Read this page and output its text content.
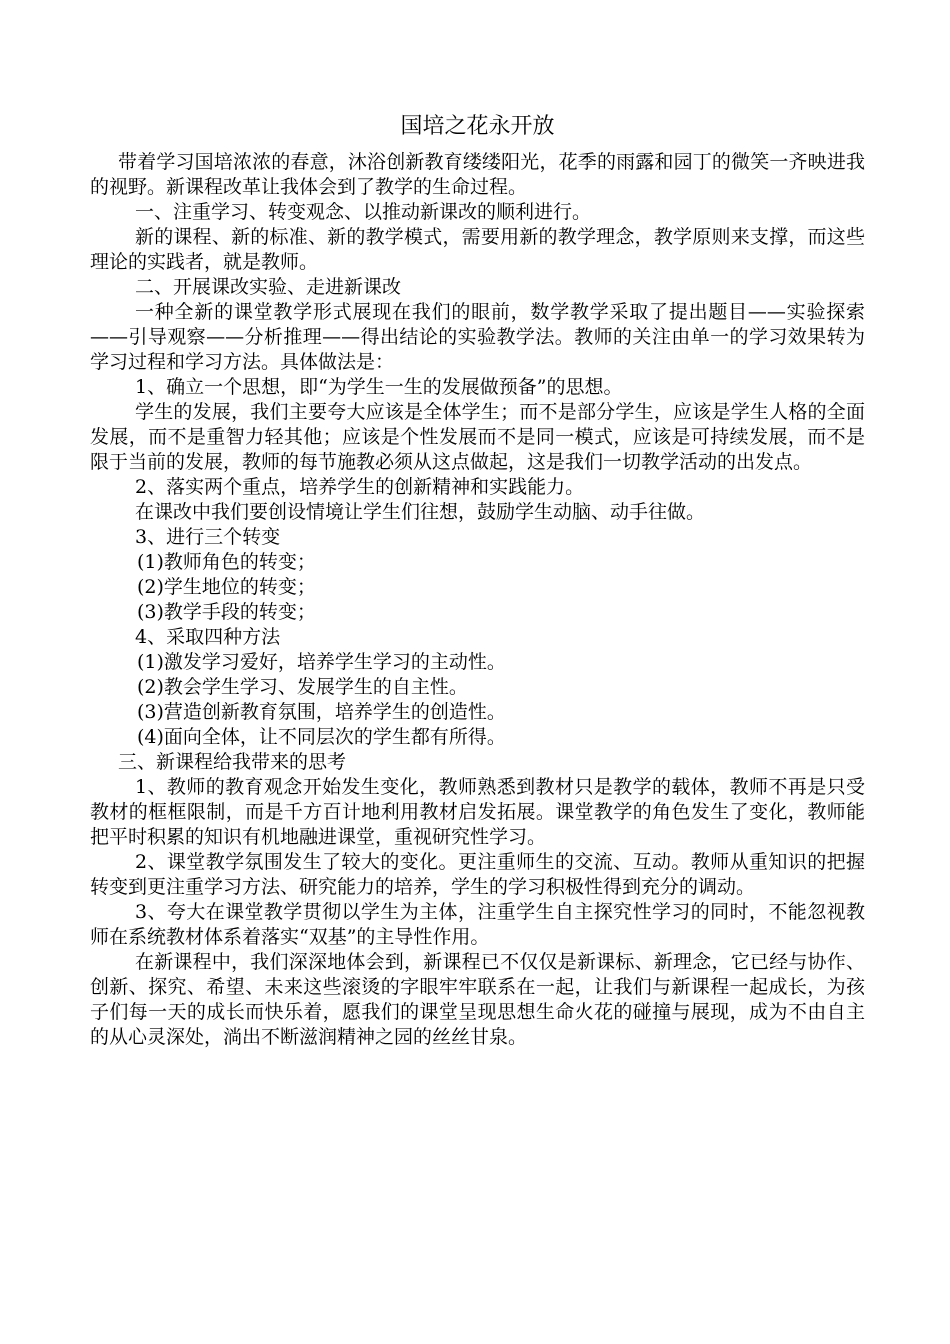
国培之花永开放

带着学习国培浓浓的春意，沐浴创新教育缕缕阳光，花季的雨露和园丁的微笑一齐映进我的视野。新课程改革让我体会到了教学的生命过程。

一、注重学习、转变观念、以推动新课改的顺利进行。

新的课程、新的标准、新的教学模式，需要用新的教学理念，教学原则来支撑，而这些理论的实践者，就是教师。

二、开展课改实验、走进新课改

一种全新的课堂教学形式展现在我们的眼前，数学教学采取了提出题目——实验探索——引导观察——分析推理——得出结论的实验教学法。教师的关注由单一的学习效果转为学习过程和学习方法。具体做法是：

1、确立一个思想，即“为学生一生的发展做预备”的思想。

学生的发展，我们主要夸大应该是全体学生；而不是部分学生，应该是学生人格的全面发展，而不是重智力轻其他；应该是个性发展而不是同一模式，应该是可持续发展，而不是限于当前的发展，教师的每节施教必须从这点做起，这是我们一切教学活动的出发点。

2、落实两个重点，培养学生的创新精神和实践能力。

在课改中我们要创设情境让学生们往想，鼓励学生动脑、动手往做。

3、进行三个转变

(1)教师角色的转变；

(2)学生地位的转变；

(3)教学手段的转变；

4、采取四种方法

(1)激发学习爱好，培养学生学习的主动性。

(2)教会学生学习、发展学生的自主性。

(3)营造创新教育氛围，培养学生的创造性。

(4)面向全体，让不同层次的学生都有所得。

三、新课程给我带来的思考

1、教师的教育观念开始发生变化，教师熟悉到教材只是教学的载体，教师不再是只受教材的框框限制，而是千方百计地利用教材启发拓展。课堂教学的角色发生了变化，教师能把平时积累的知识有机地融进课堂，重视研究性学习。

2、课堂教学氛围发生了较大的变化。更注重师生的交流、互动。教师从重知识的把握转变到更注重学习方法、研究能力的培养，学生的学习积极性得到充分的调动。

3、夸大在课堂教学贯彻以学生为主体，注重学生自主探究性学习的同时，不能忽视教师在系统教材体系着落实“双基”的主导性作用。

在新课程中，我们深深地体会到，新课程已不仅仅是新课标、新理念，它已经与协作、创新、探究、希望、未来这些滚烫的字眼牢牢联系在一起，让我们与新课程一起成长，为孩子们每一天的成长而快乐着，愿我们的课堂呈现思想生命火花的碰撞与展现，成为不由自主的从心灵深处，淌出不断滋润精神之园的丝丝甘泉。
